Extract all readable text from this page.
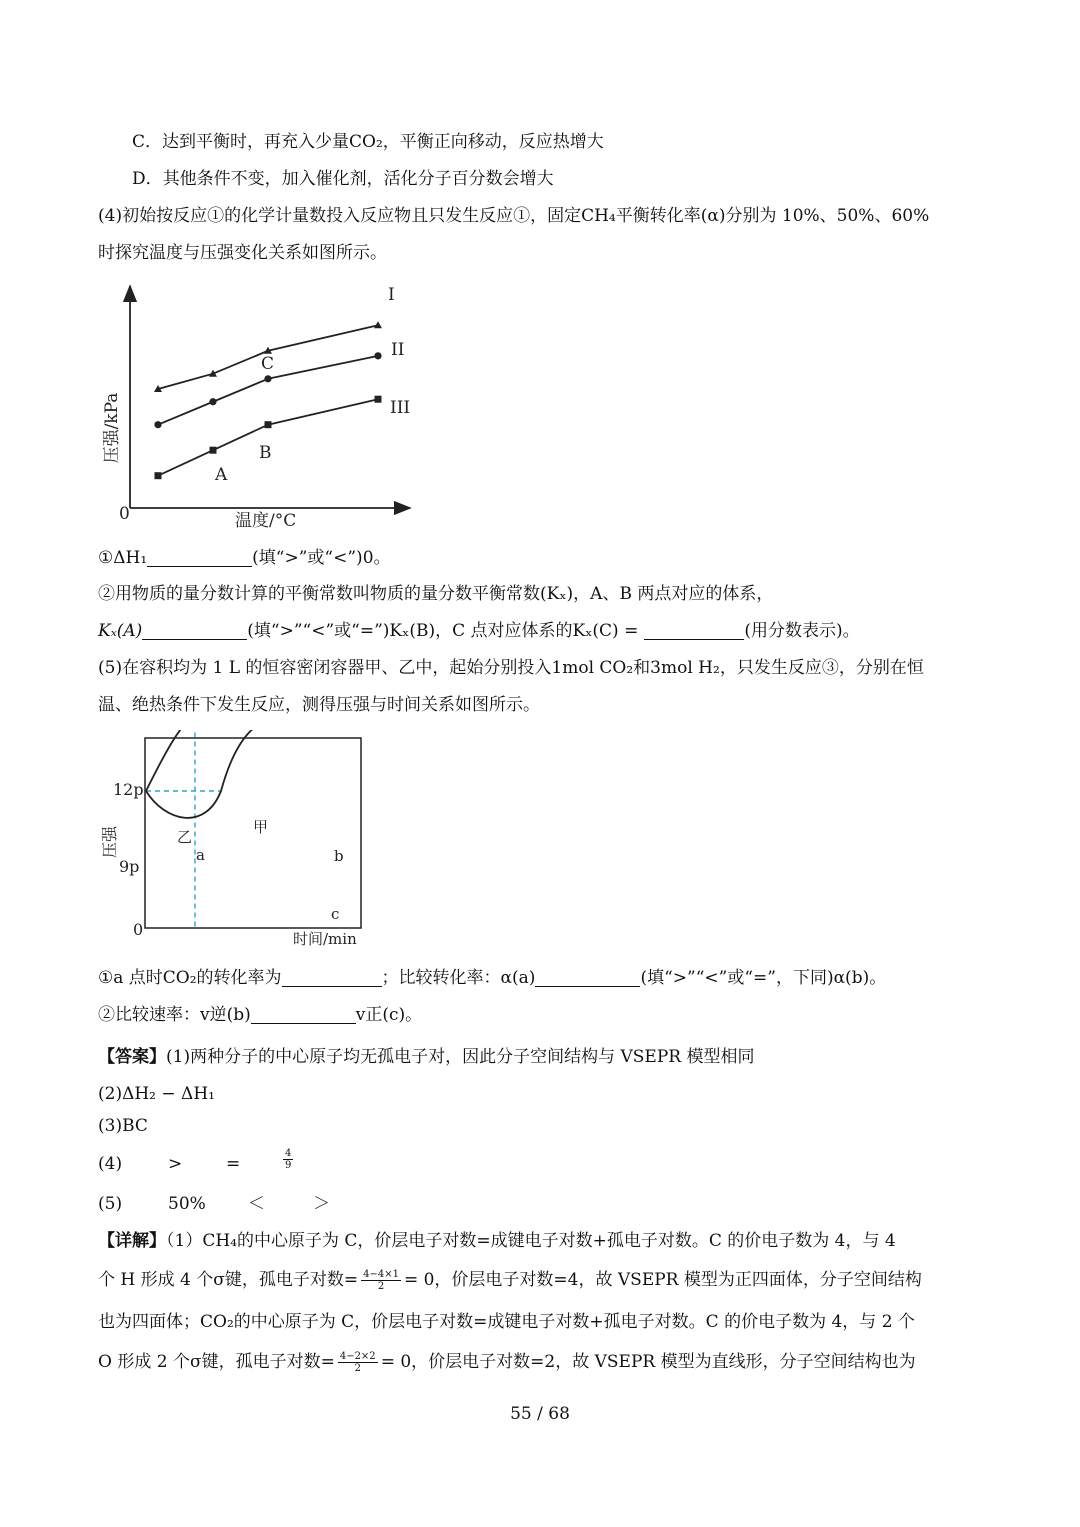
C．达到平衡时，再充入少量CO₂，平衡正向移动，反应热增大
D．其他条件不变，加入催化剂，活化分子百分数会增大
(4)初始按反应①的化学计量数投入反应物且只发生反应①，固定CH₄平衡转化率(α)分别为 10%、50%、60%
时探究温度与压强变化关系如图所示。
0	温度/°C
压强/kPa
I
II
III
C
A
B
①ΔH₁	(填“>”或“<”)0。
②用物质的量分数计算的平衡常数叫物质的量分数平衡常数(Kₓ)，A、B 两点对应的体系，
Kₓ(A)	(填“>”“<”或“=”)Kₓ(B)，C 点对应体系的Kₓ(C) =	(用分数表示)。
(5)在容积均为 1 L 的恒容密闭容器甲、乙中，起始分别投入1mol CO₂和3mol H₂，只发生反应③，分别在恒
温、绝热条件下发生反应，测得压强与时间关系如图所示。
12p
9p
0
压强
时间/min
甲
乙
a	b
c
①a 点时CO₂的转化率为	；比较转化率：α(a)	(填“>”“<”或“=”，下同)α(b)。
②比较速率：v逆(b)	v正(c)。
【答案】(1)两种分子的中心原子均无孤电子对，因此分子空间结构与 VSEPR 模型相同
(2)ΔH₂ − ΔH₁
(3)BC
(4)	>	=	$\frac{4}{9}$
(5)	50% ＜	＞
【详解】（1）CH₄的中心原子为 C，价层电子对数=成键电子对数+孤电子对数。C 的价电子数为 4，与 4
个 H 形成 4 个σ键，孤电子对数= $\frac{4-4\times 1}{2} = 0$，价层电子对数=4，故 VSEPR 模型为正四面体，分子空间结构
也为四面体；CO₂的中心原子为 C，价层电子对数=成键电子对数+孤电子对数。C 的价电子数为 4，与 2 个
O 形成 2 个σ键，孤电子对数= $\frac{4-2\times 2}{2} = 0$，价层电子对数=2，故 VSEPR 模型为直线形，分子空间结构也为
55 / 68
